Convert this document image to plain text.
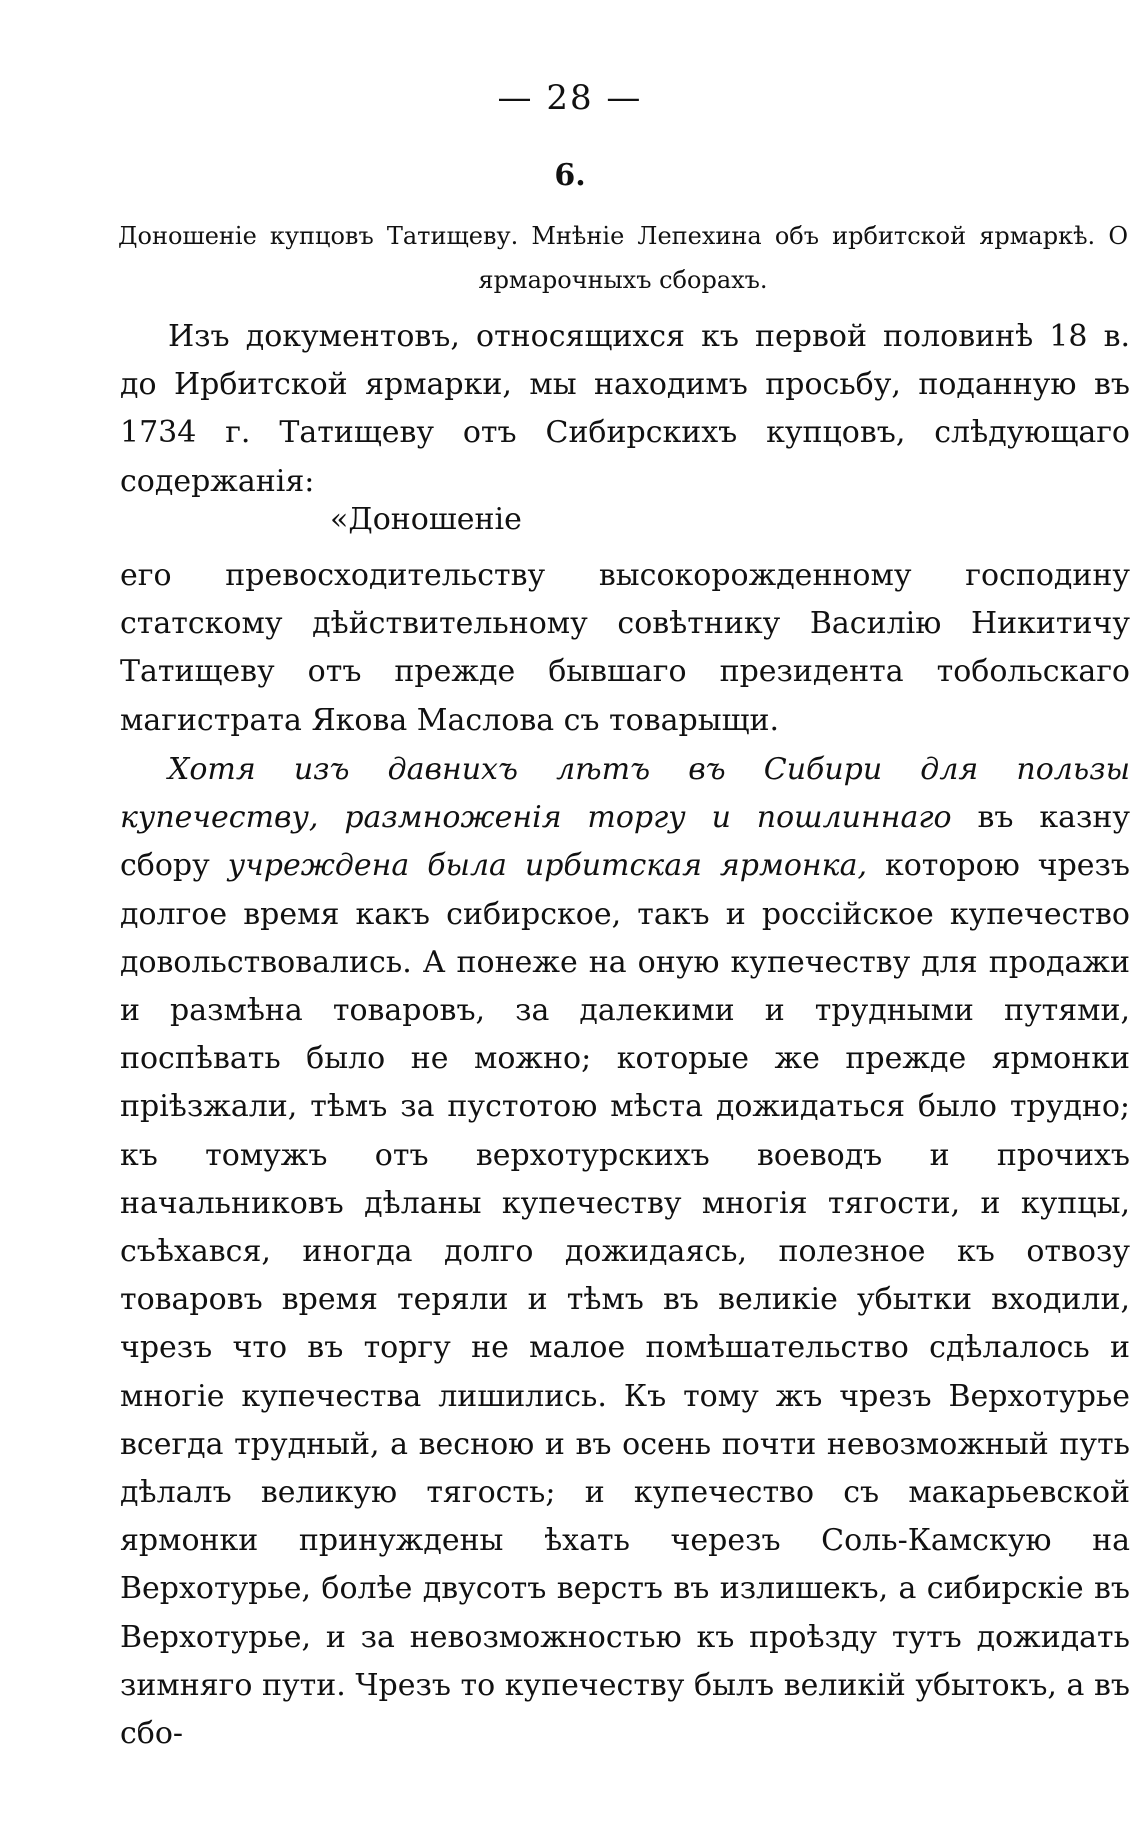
— 28 —
6.
Доношеніе купцовъ Татищеву. Мнѣніе Лепехина объ ирбитской ярмаркѣ. О ярмарочныхъ сборахъ.

Изъ документовъ, относящихся къ первой половинѣ 18 в. до Ирбитской ярмарки, мы находимъ просьбу, поданную въ 1734 г. Татищеву отъ Сибирскихъ купцовъ, слѣдующаго содержанія:

«Доношеніе

его превосходительству высокорожденному господину статскому дѣйствительному совѣтнику Василію Никитичу Татищеву отъ прежде бывшаго президента тобольскаго магистрата Якова Маслова съ товарыщи.

Хотя изъ давнихъ лѣтъ въ Сибири для пользы купечеству, размноженія торгу и пошлиннаго въ казну сбору учреждена была ирбитская ярмонка, которою чрезъ долгое время какъ сибирское, такъ и россійское купечество довольствовались. А понеже на оную купечеству для продажи и размѣна товаровъ, за далекими и трудными путями, поспѣвать было не можно; которые же прежде ярмонки пріѣзжали, тѣмъ за пустотою мѣста дожидаться было трудно; къ томужъ отъ верхотурскихъ воеводъ и прочихъ начальниковъ дѣланы купечеству многія тягости, и купцы, съѣхався, иногда долго дожидаясь, полезное къ отвозу товаровъ время теряли и тѣмъ въ великіе убытки входили, чрезъ что въ торгу не малое помѣшательство сдѣлалось и многіе купечества лишились. Къ тому жъ чрезъ Верхотурье всегда трудный, а весною и въ осень почти невозможный путь дѣлалъ великую тягость; и купечество съ макарьевской ярмонки принуждены ѣхать черезъ Соль-Камскую на Верхотурье, болѣе двусотъ верстъ въ излишекъ, а сибирскіе въ Верхотурье, и за невозможностью къ проѣзду тутъ дожидать зимняго пути. Чрезъ то купечеству былъ великій убытокъ, а въ сбо-
